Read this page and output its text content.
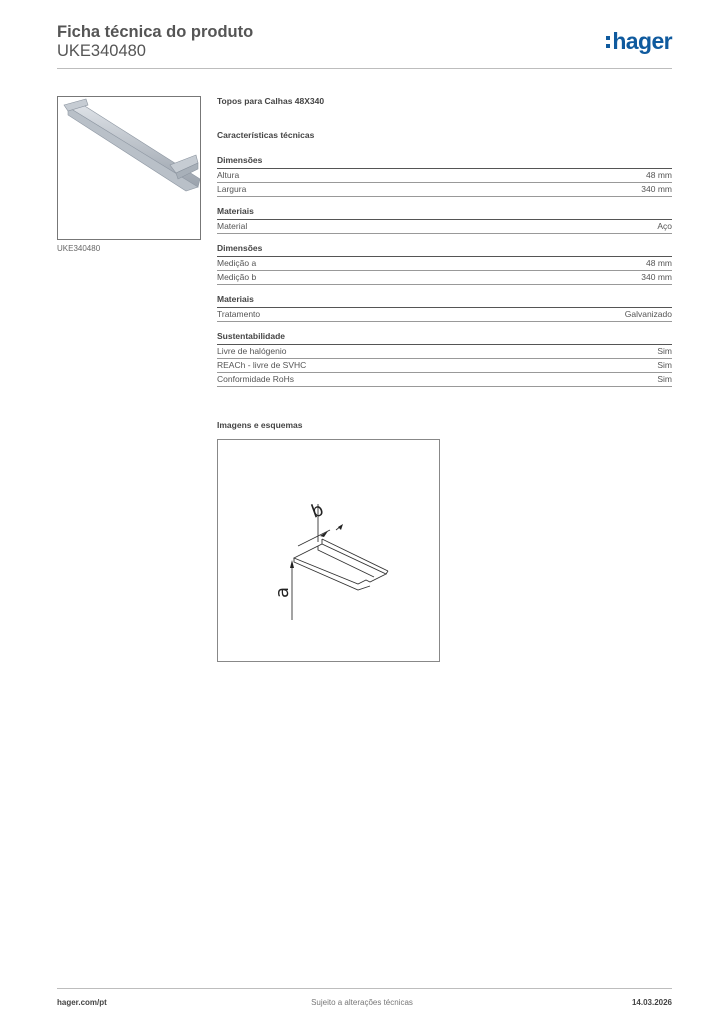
Ficha técnica do produto
UKE340480	hager
UKE340480
Topos para Calhas 48X340
Características técnicas
Dimensões
Altura	48 mm
Largura	340 mm
Materiais
Material	Aço
Dimensões
Medição a	48 mm
Medição b	340 mm
Materiais
Tratamento	Galvanizado
Sustentabilidade
Livre de halógenio	Sim
REACh - livre de SVHC	Sim
Conformidade RoHs	Sim
Imagens e esquemas
b
a
hager.com/pt	Sujeito a alterações técnicas	14.03.2026
